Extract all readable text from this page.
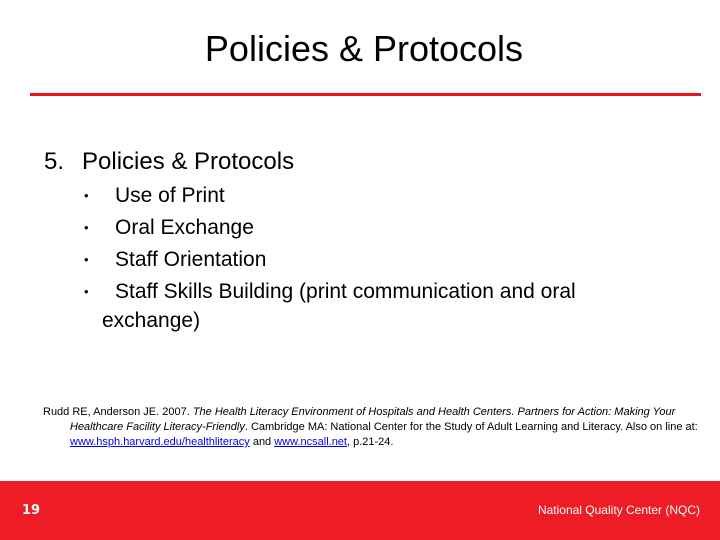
Policies & Protocols
5. Policies & Protocols
• Use of Print
• Oral Exchange
• Staff Orientation
• Staff Skills Building (print communication and oral
exchange)
Rudd RE, Anderson JE. 2007. The Health Literacy Environment of Hospitals and Health Centers. Partners for Action: Making Your Healthcare Facility Literacy-Friendly. Cambridge MA: National Center for the Study of Adult Learning and Literacy. Also on line at: www.hsph.harvard.edu/healthliteracy and www.ncsall.net, p.21-24.
19	National Quality Center (NQC)
